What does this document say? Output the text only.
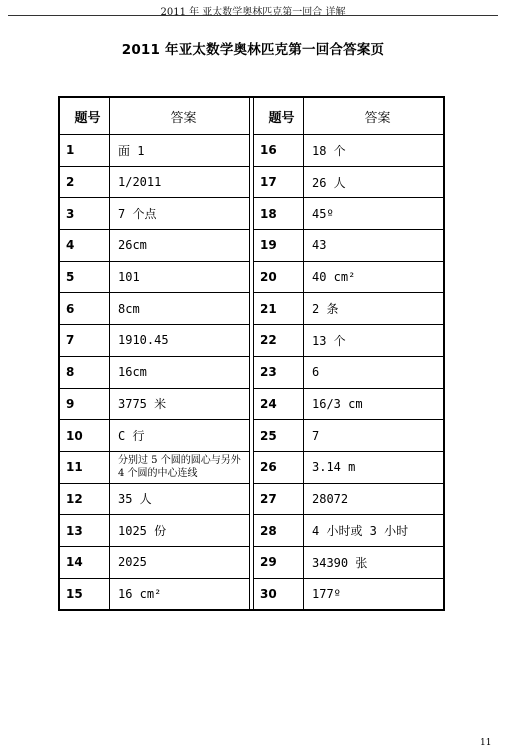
2011 年 亚太数学奥林匹克第一回合 详解
2011 年亚太数学奥林匹克第一回合答案页
题号	答案		题号	答案
1	面 1		16	18 个
2	1/2011		17	26 人
3	7 个点		18	45º
4	26cm		19	43
5	101		20	40 cm²
6	8cm		21	2 条
7	1910.45		22	13 个
8	16cm		23	6
9	3775 米		24	16/3 cm
10	C 行		25	7
11	分别过 5 个圆的圆心与另外 4 个圆的中心连线		26	3.14 m
12	35 人		27	28072
13	1025 份		28	4 小时或 3 小时
14	2025		29	34390 张
15	16 cm²		30	177º
11
